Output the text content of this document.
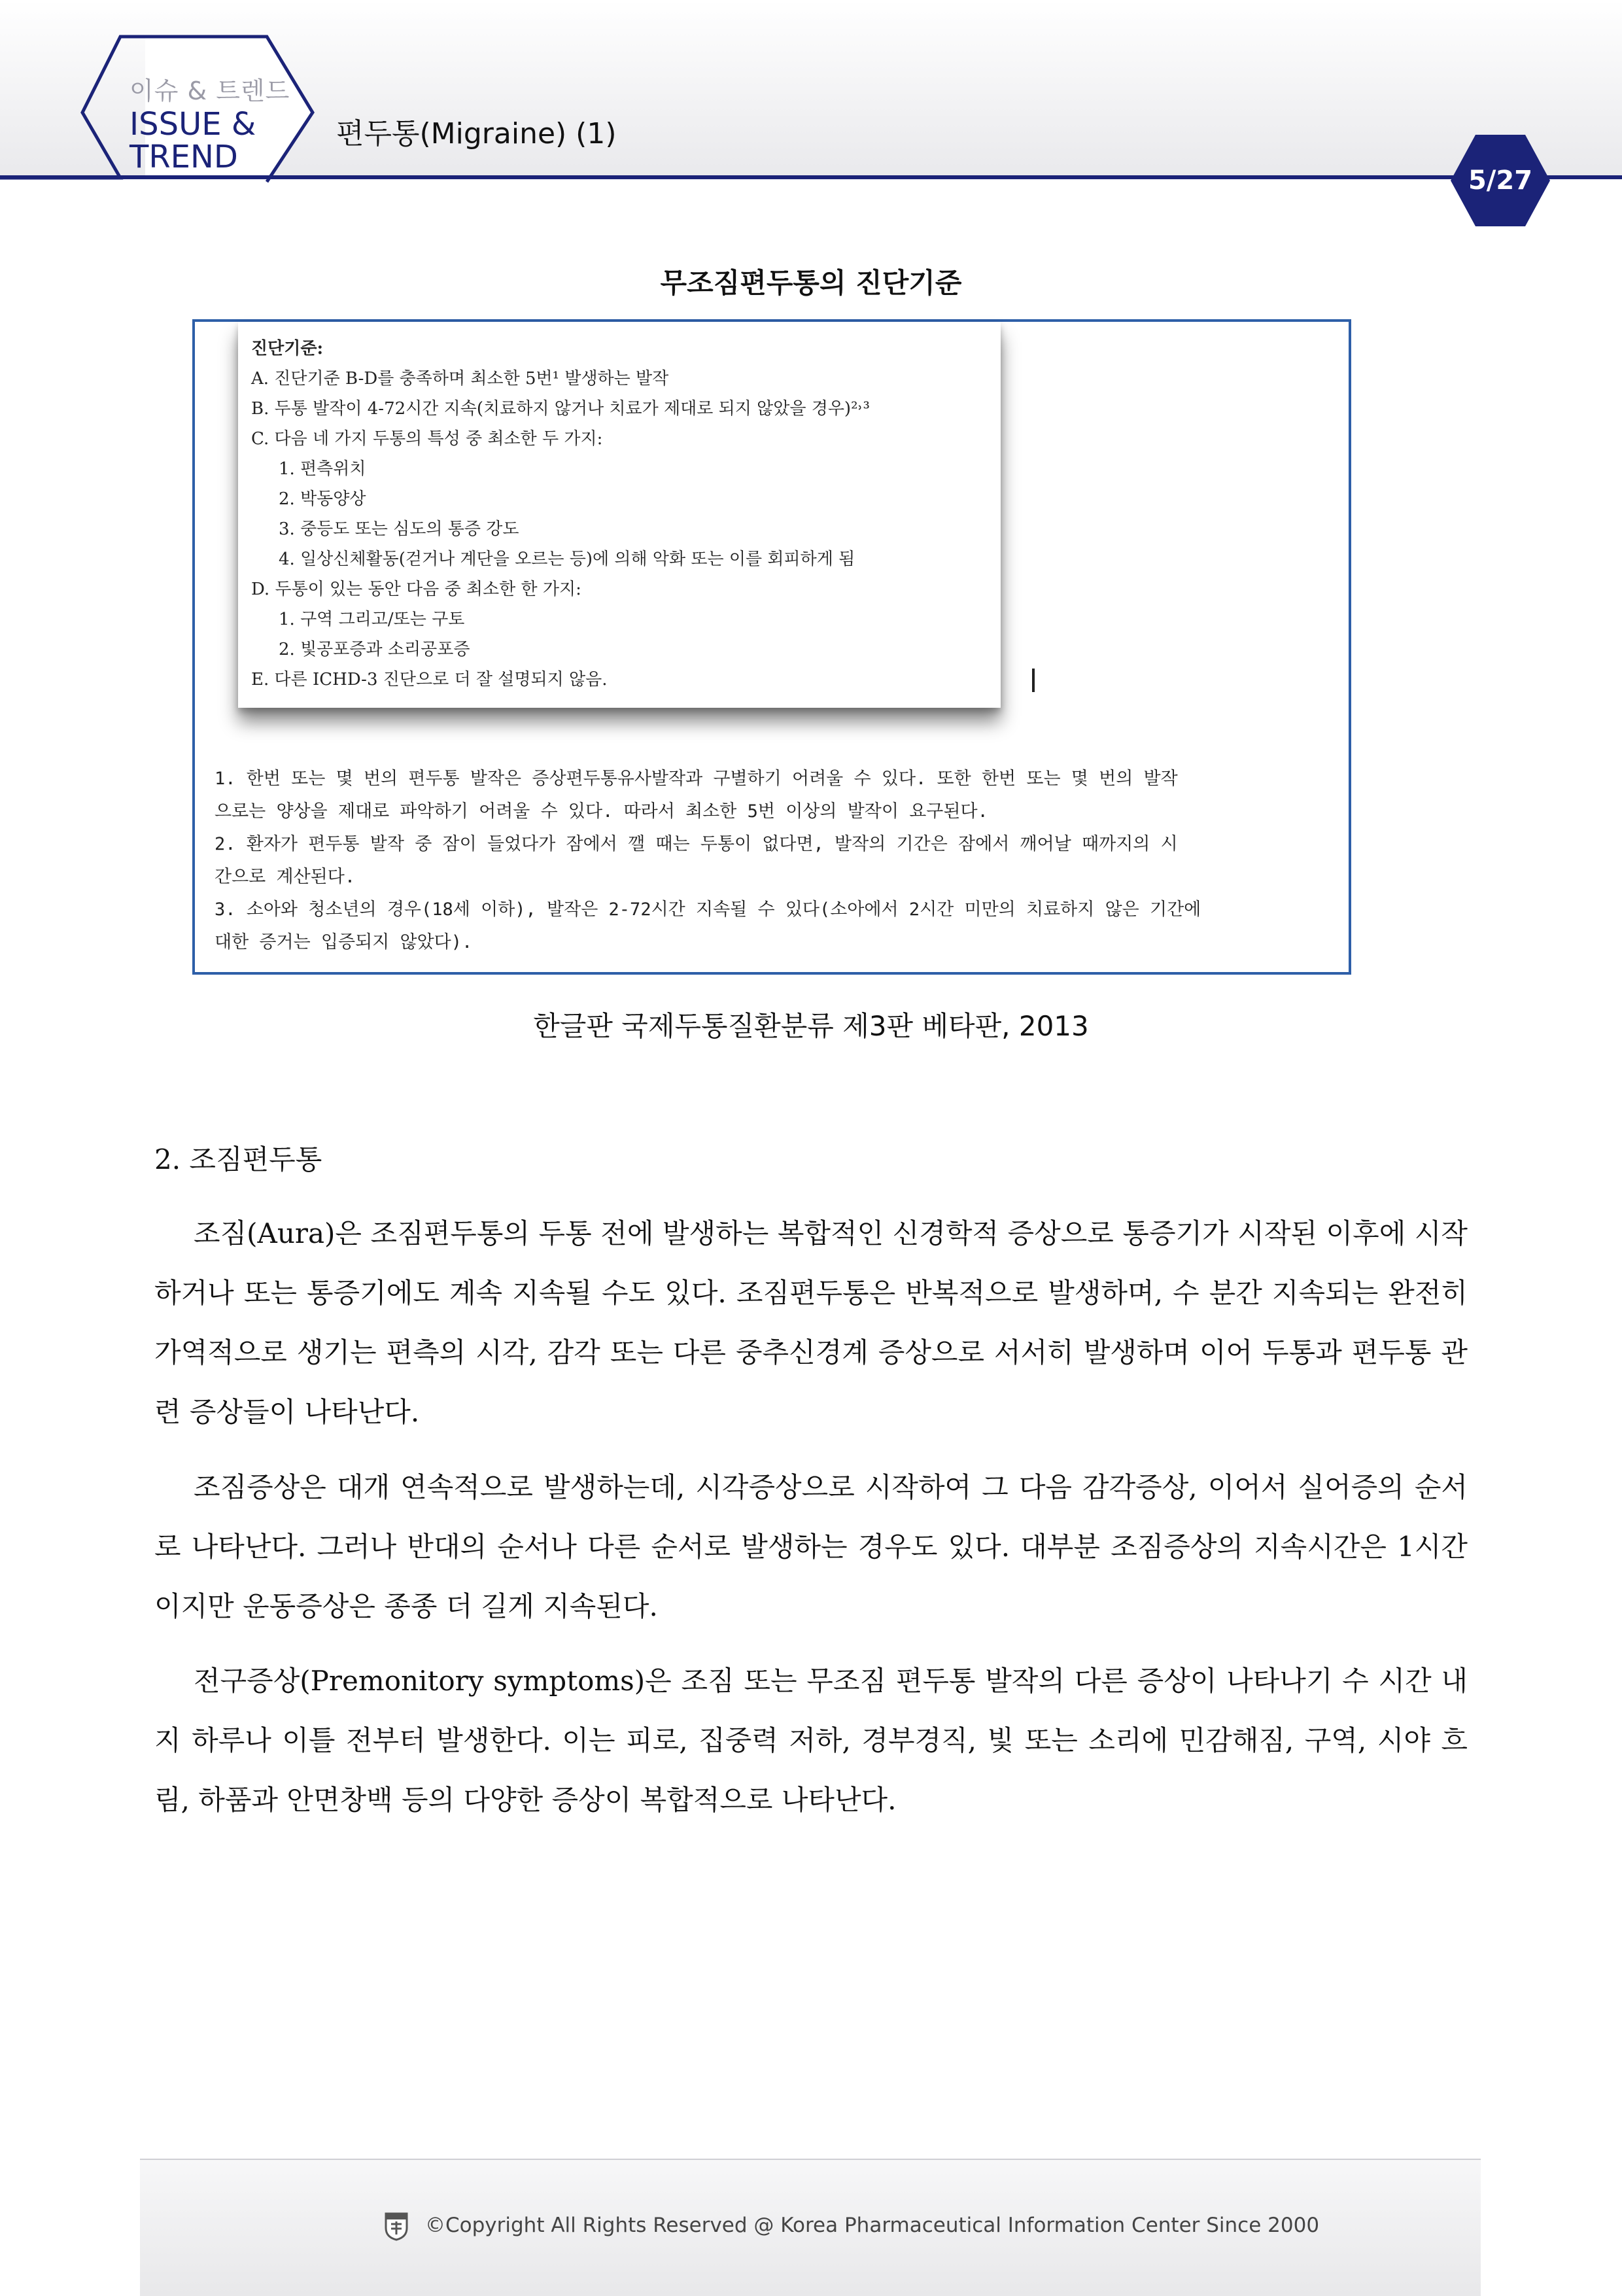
이슈 & 트렌드
ISSUE &
TREND
편두통(Migraine) (1)
5/27
무조짐편두통의 진단기준
진단기준:
A. 진단기준 B-D를 충족하며 최소한 5번¹ 발생하는 발작
B. 두통 발작이 4-72시간 지속(치료하지 않거나 치료가 제대로 되지 않았을 경우)²˒³
C. 다음 네 가지 두통의 특성 중 최소한 두 가지:
1. 편측위치
2. 박동양상
3. 중등도 또는 심도의 통증 강도
4. 일상신체활동(걷거나 계단을 오르는 등)에 의해 악화 또는 이를 회피하게 됨
D. 두통이 있는 동안 다음 중 최소한 한 가지:
1. 구역 그리고/또는 구토
2. 빛공포증과 소리공포증
E. 다른 ICHD-3 진단으로 더 잘 설명되지 않음.
1. 한번 또는 몇 번의 편두통 발작은 증상편두통유사발작과 구별하기 어려울 수 있다. 또한 한번 또는 몇 번의 발작
으로는 양상을 제대로 파악하기 어려울 수 있다. 따라서 최소한 5번 이상의 발작이 요구된다.
2. 환자가 편두통 발작 중 잠이 들었다가 잠에서 깰 때는 두통이 없다면, 발작의 기간은 잠에서 깨어날 때까지의 시
간으로 계산된다.
3. 소아와 청소년의 경우(18세 이하), 발작은 2-72시간 지속될 수 있다(소아에서 2시간 미만의 치료하지 않은 기간에
대한 증거는 입증되지 않았다).
한글판 국제두통질환분류 제3판 베타판, 2013
2. 조짐편두통

조짐(Aura)은 조짐편두통의 두통 전에 발생하는 복합적인 신경학적 증상으로 통증기가 시작된 이후에 시작하거나 또는 통증기에도 계속 지속될 수도 있다. 조짐편두통은 반복적으로 발생하며, 수 분간 지속되는 완전히 가역적으로 생기는 편측의 시각, 감각 또는 다른 중추신경계 증상으로 서서히 발생하며 이어 두통과 편두통 관련 증상들이 나타난다.

조짐증상은 대개 연속적으로 발생하는데, 시각증상으로 시작하여 그 다음 감각증상, 이어서 실어증의 순서로 나타난다. 그러나 반대의 순서나 다른 순서로 발생하는 경우도 있다. 대부분 조짐증상의 지속시간은 1시간이지만 운동증상은 종종 더 길게 지속된다.

전구증상(Premonitory symptoms)은 조짐 또는 무조짐 편두통 발작의 다른 증상이 나타나기 수 시간 내지 하루나 이틀 전부터 발생한다. 이는 피로, 집중력 저하, 경부경직, 빛 또는 소리에 민감해짐, 구역, 시야 흐림, 하품과 안면창백 등의 다양한 증상이 복합적으로 나타난다.

©Copyright All Rights Reserved @ Korea Pharmaceutical Information Center Since 2000
